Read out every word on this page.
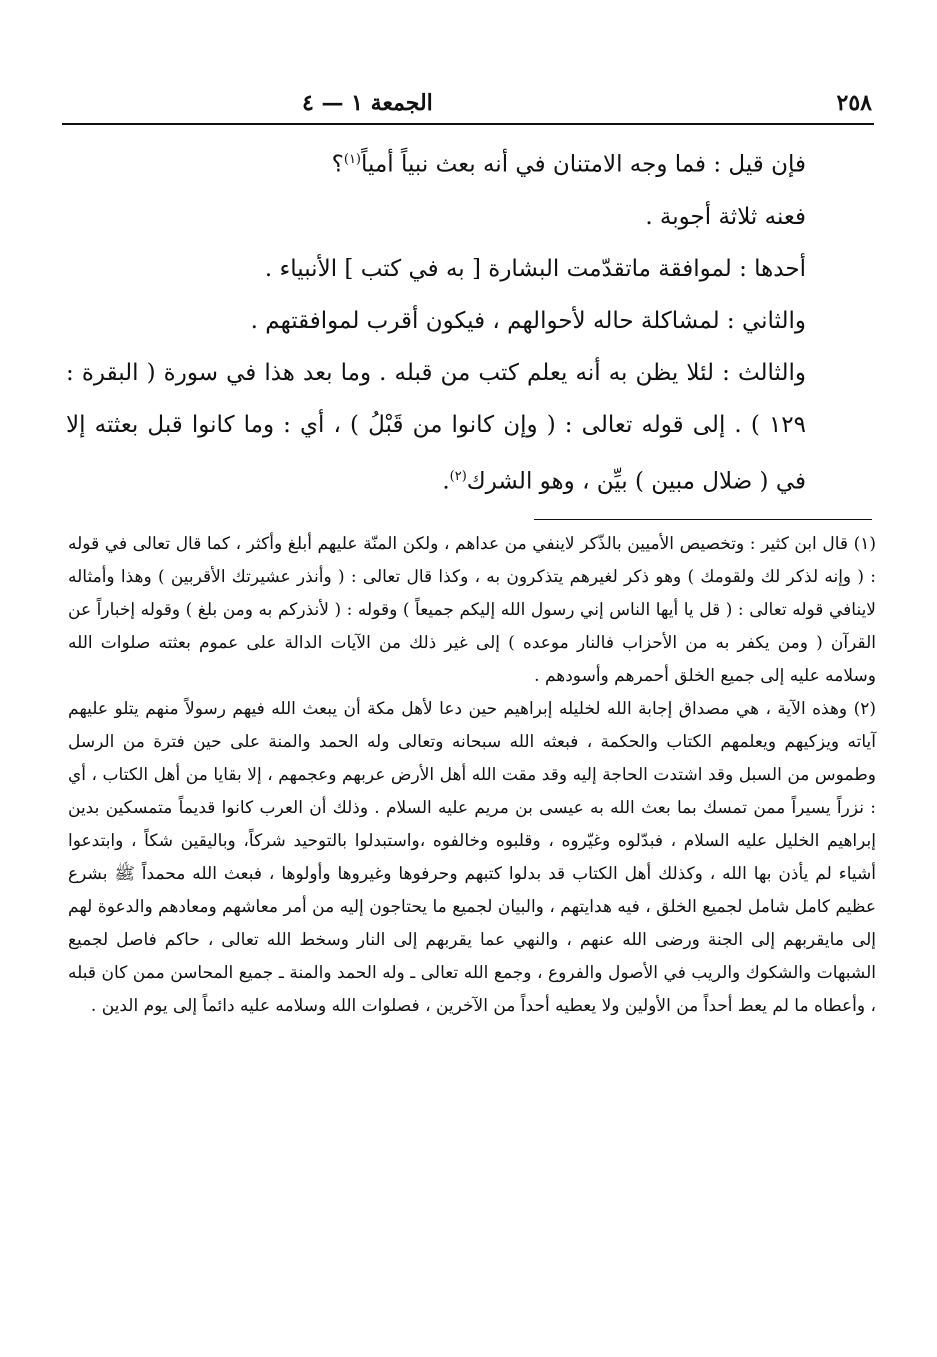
٢٥٨
الجمعة ١ — ٤

فإن قيل : فما وجه الامتنان في أنه بعث نبياً أمياً$^{(١)}$؟

فعنه ثلاثة أجوبة .

أحدها : لموافقة ماتقدّمت البشارة [ به في كتب ] الأنبياء .

والثاني : لمشاكلة حاله لأحوالهم ، فيكون أقرب لموافقتهم .

والثالث : لئلا يظن به أنه يعلم كتب من قبله . وما بعد هذا في سورة ( البقرة : ١٢٩ ) . إلى قوله تعالى : ( وإن كانوا من قَبْلُ ) ، أي : وما كانوا قبل بعثته إلا في ( ضلال مبين ) بيِّن ، وهو الشرك$^{(٢)}$.

(١) قال ابن كثير : وتخصيص الأميين بالذّكر لاينفي من عداهم ، ولكن المنّة عليهم أبلغ وأكثر ، كما قال تعالى في قوله : ( وإنه لذكر لك ولقومك ) وهو ذكر لغيرهم يتذكرون به ، وكذا قال تعالى : ( وأنذر عشيرتك الأقربين ) وهذا وأمثاله لاينافي قوله تعالى : ( قل يا أيها الناس إني رسول الله إليكم جميعاً ) وقوله : ( لأنذركم به ومن بلغ ) وقوله إخباراً عن القرآن ( ومن يكفر به من الأحزاب فالنار موعده ) إلى غير ذلك من الآيات الدالة على عموم بعثته صلوات الله وسلامه عليه إلى جميع الخلق أحمرهم وأسودهم .

(٢) وهذه الآية ، هي مصداق إجابة الله لخليله إبراهيم حين دعا لأهل مكة أن يبعث الله فيهم رسولاً منهم يتلو عليهم آياته ويزكيهم ويعلمهم الكتاب والحكمة ، فبعثه الله سبحانه وتعالى وله الحمد والمنة على حين فترة من الرسل وطموس من السبل وقد اشتدت الحاجة إليه وقد مقت الله أهل الأرض عربهم وعجمهم ، إلا بقايا من أهل الكتاب ، أي : نزراً يسيراً ممن تمسك بما بعث الله به عيسى بن مريم عليه السلام . وذلك أن العرب كانوا قديماً متمسكين بدين إبراهيم الخليل عليه السلام ، فبدّلوه وغيّروه ، وقلبوه وخالفوه ،واستبدلوا بالتوحيد شركاً، وباليقين شكاً ، وابتدعوا أشياء لم يأذن بها الله ، وكذلك أهل الكتاب قد بدلوا كتبهم وحرفوها وغيروها وأولوها ، فبعث الله محمداً ﷺ بشرع عظيم كامل شامل لجميع الخلق ، فيه هدايتهم ، والبيان لجميع ما يحتاجون إليه من أمر معاشهم ومعادهم والدعوة لهم إلى مايقربهم إلى الجنة ورضى الله عنهم ، والنهي عما يقربهم إلى النار وسخط الله تعالى ، حاكم فاصل لجميع الشبهات والشكوك والريب في الأصول والفروع ، وجمع الله تعالى ـ وله الحمد والمنة ـ جميع المحاسن ممن كان قبله ، وأعطاه ما لم يعط أحداً من الأولين ولا يعطيه أحداً من الآخرين ، فصلوات الله وسلامه عليه دائماً إلى يوم الدين .
